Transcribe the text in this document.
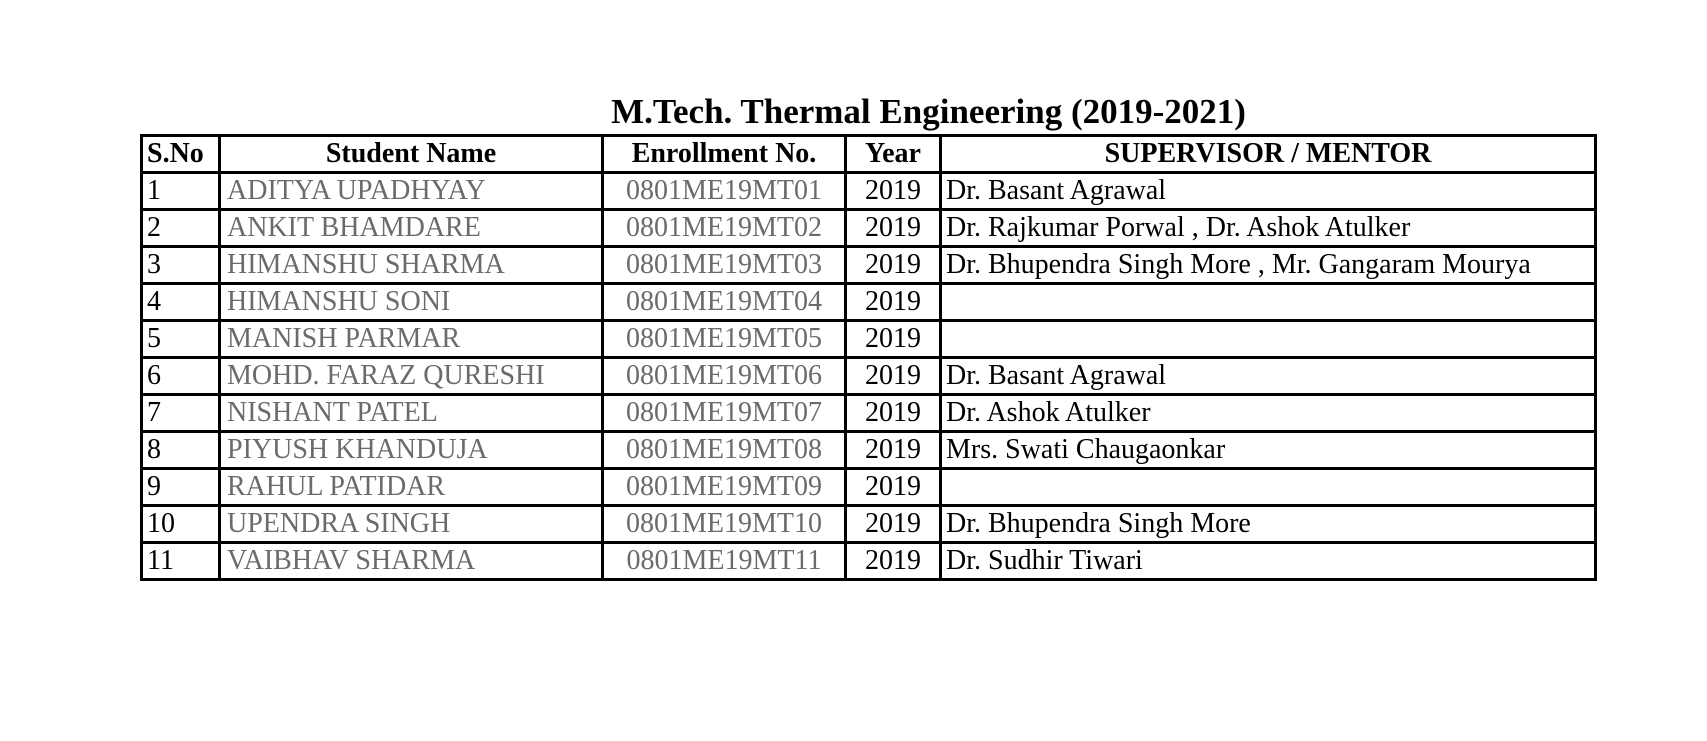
M.Tech. Thermal Engineering (2019-2021)
S.No	Student Name	Enrollment No.	Year	SUPERVISOR / MENTOR
1	ADITYA UPADHYAY	0801ME19MT01	2019	Dr. Basant Agrawal
2	ANKIT BHAMDARE	0801ME19MT02	2019	Dr. Rajkumar Porwal , Dr. Ashok Atulker
3	HIMANSHU SHARMA	0801ME19MT03	2019	Dr. Bhupendra Singh More , Mr. Gangaram Mourya
4	HIMANSHU SONI	0801ME19MT04	2019	
5	MANISH PARMAR	0801ME19MT05	2019	
6	MOHD. FARAZ QURESHI	0801ME19MT06	2019	Dr. Basant Agrawal
7	NISHANT PATEL	0801ME19MT07	2019	Dr. Ashok Atulker
8	PIYUSH KHANDUJA	0801ME19MT08	2019	Mrs. Swati Chaugaonkar
9	RAHUL PATIDAR	0801ME19MT09	2019	
10	UPENDRA SINGH	0801ME19MT10	2019	Dr. Bhupendra Singh More
11	VAIBHAV SHARMA	0801ME19MT11	2019	Dr. Sudhir Tiwari
